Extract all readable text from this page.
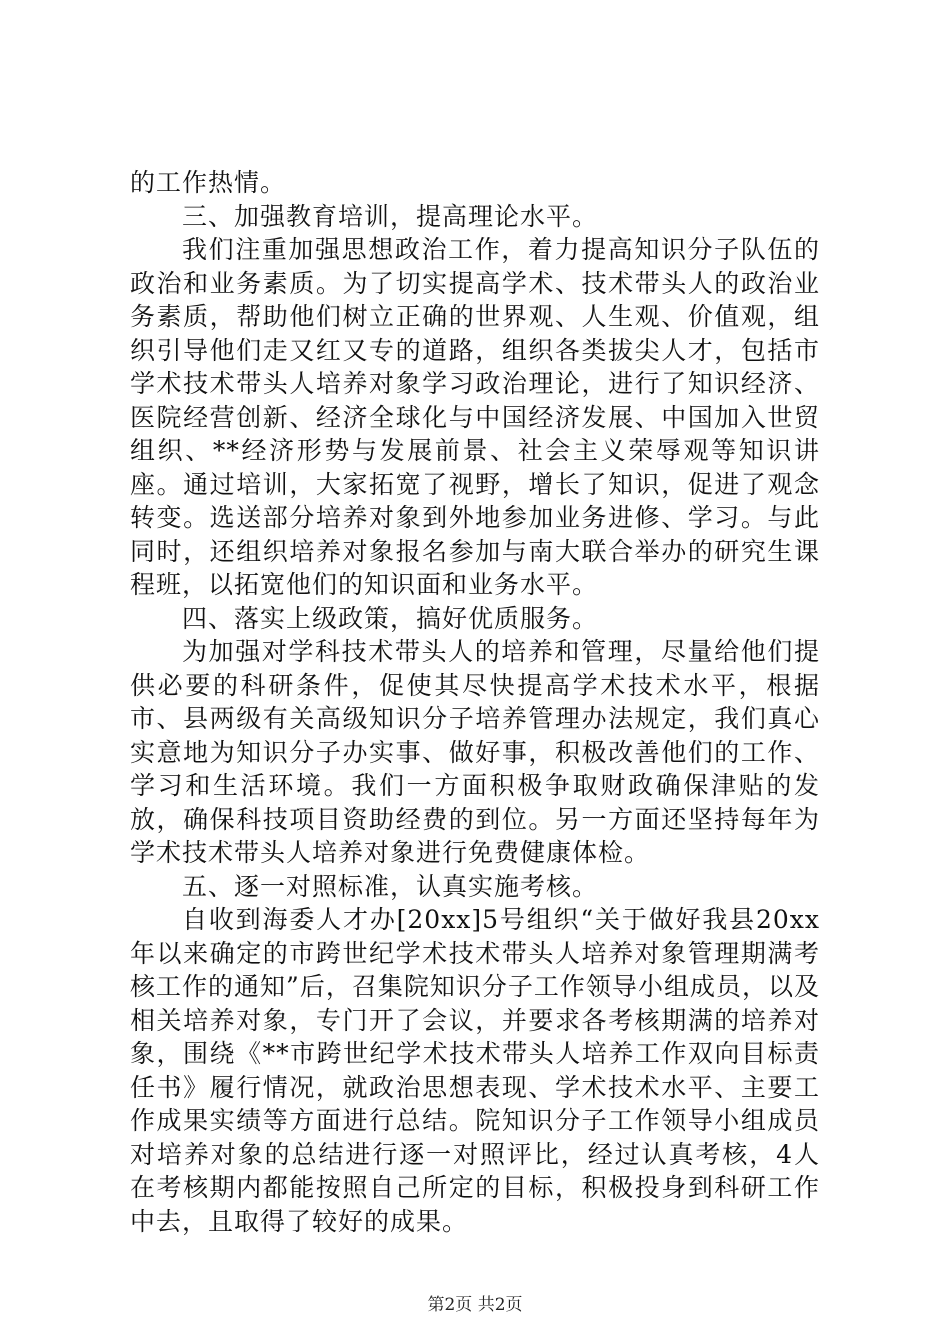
的工作热情。

三、加强教育培训，提高理论水平。

我们注重加强思想政治工作，着力提高知识分子队伍的政治和业务素质。为了切实提高学术、技术带头人的政治业务素质，帮助他们树立正确的世界观、人生观、价值观，组织引导他们走又红又专的道路，组织各类拔尖人才，包括市学术技术带头人培养对象学习政治理论，进行了知识经济、医院经营创新、经济全球化与中国经济发展、中国加入世贸组织、**经济形势与发展前景、社会主义荣辱观等知识讲座。通过培训，大家拓宽了视野，增长了知识，促进了观念转变。选送部分培养对象到外地参加业务进修、学习。与此同时，还组织培养对象报名参加与南大联合举办的研究生课程班，以拓宽他们的知识面和业务水平。

四、落实上级政策，搞好优质服务。

为加强对学科技术带头人的培养和管理，尽量给他们提供必要的科研条件，促使其尽快提高学术技术水平，根据市、县两级有关高级知识分子培养管理办法规定，我们真心实意地为知识分子办实事、做好事，积极改善他们的工作、学习和生活环境。我们一方面积极争取财政确保津贴的发放，确保科技项目资助经费的到位。另一方面还坚持每年为学术技术带头人培养对象进行免费健康体检。

五、逐一对照标准，认真实施考核。

自收到海委人才办[20xx]5号组织“关于做好我县20xx年以来确定的市跨世纪学术技术带头人培养对象管理期满考核工作的通知”后，召集院知识分子工作领导小组成员，以及相关培养对象，专门开了会议，并要求各考核期满的培养对象，围绕《**市跨世纪学术技术带头人培养工作双向目标责任书》履行情况，就政治思想表现、学术技术水平、主要工作成果实绩等方面进行总结。院知识分子工作领导小组成员对培养对象的总结进行逐一对照评比，经过认真考核，4人在考核期内都能按照自己所定的目标，积极投身到科研工作中去，且取得了较好的成果。

第2页 共2页
